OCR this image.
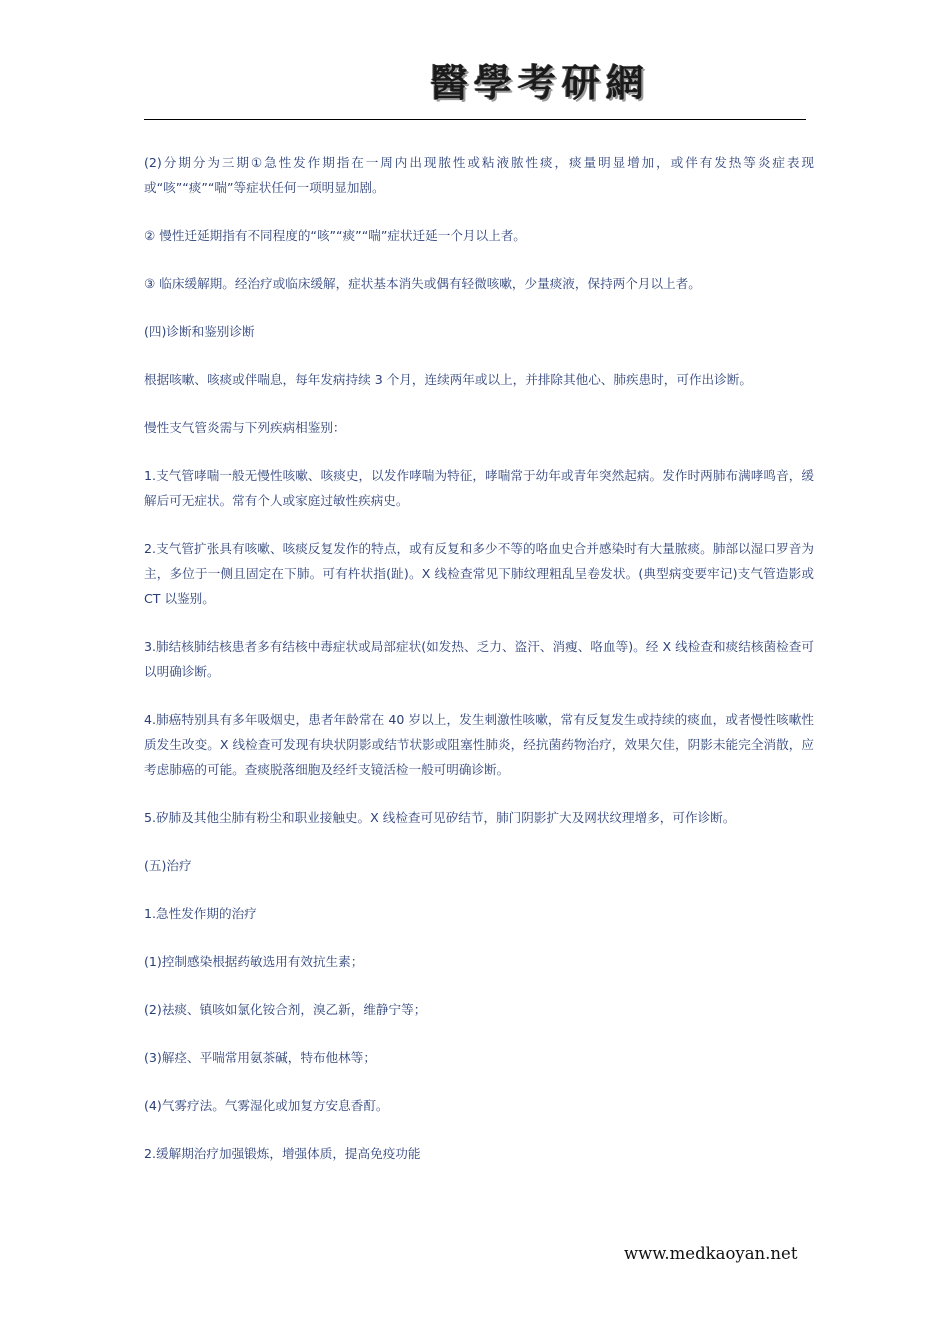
醫學考研網

(2)分期分为三期①急性发作期指在一周内出现脓性或粘液脓性痰，痰量明显增加，或伴有发热等炎症表现或“咳”“痰”“喘”等症状任何一项明显加剧。

② 慢性迁延期指有不同程度的“咳”“痰”“喘”症状迁延一个月以上者。

③ 临床缓解期。经治疗或临床缓解，症状基本消失或偶有轻微咳嗽，少量痰液，保持两个月以上者。

(四)诊断和鉴别诊断

根据咳嗽、咳痰或伴喘息，每年发病持续 3 个月，连续两年或以上，并排除其他心、肺疾患时，可作出诊断。

慢性支气管炎需与下列疾病相鉴别：

1.支气管哮喘一般无慢性咳嗽、咳痰史，以发作哮喘为特征，哮喘常于幼年或青年突然起病。发作时两肺布满哮鸣音，缓解后可无症状。常有个人或家庭过敏性疾病史。

2.支气管扩张具有咳嗽、咳痰反复发作的特点，或有反复和多少不等的咯血史合并感染时有大量脓痰。肺部以湿口罗音为主，多位于一侧且固定在下肺。可有杵状指(趾)。X 线检查常见下肺纹理粗乱呈卷发状。(典型病变要牢记)支气管造影或 CT 以鉴别。

3.肺结核肺结核患者多有结核中毒症状或局部症状(如发热、乏力、盗汗、消瘦、咯血等)。经 X 线检查和痰结核菌检查可以明确诊断。

4.肺癌特别具有多年吸烟史，患者年龄常在 40 岁以上，发生刺激性咳嗽，常有反复发生或持续的痰血，或者慢性咳嗽性质发生改变。X 线检查可发现有块状阴影或结节状影或阻塞性肺炎，经抗菌药物治疗，效果欠佳，阴影未能完全消散，应考虑肺癌的可能。查痰脱落细胞及经纤支镜活检一般可明确诊断。

5.矽肺及其他尘肺有粉尘和职业接触史。X 线检查可见矽结节，肺门阴影扩大及网状纹理增多，可作诊断。

(五)治疗

1.急性发作期的治疗

(1)控制感染根据药敏选用有效抗生素；

(2)祛痰、镇咳如氯化铵合剂，溴乙新，维静宁等；

(3)解痉、平喘常用氨茶碱，特布他林等；

(4)气雾疗法。气雾湿化或加复方安息香酊。

2.缓解期治疗加强锻炼，增强体质，提高免疫功能

www.medkaoyan.net
